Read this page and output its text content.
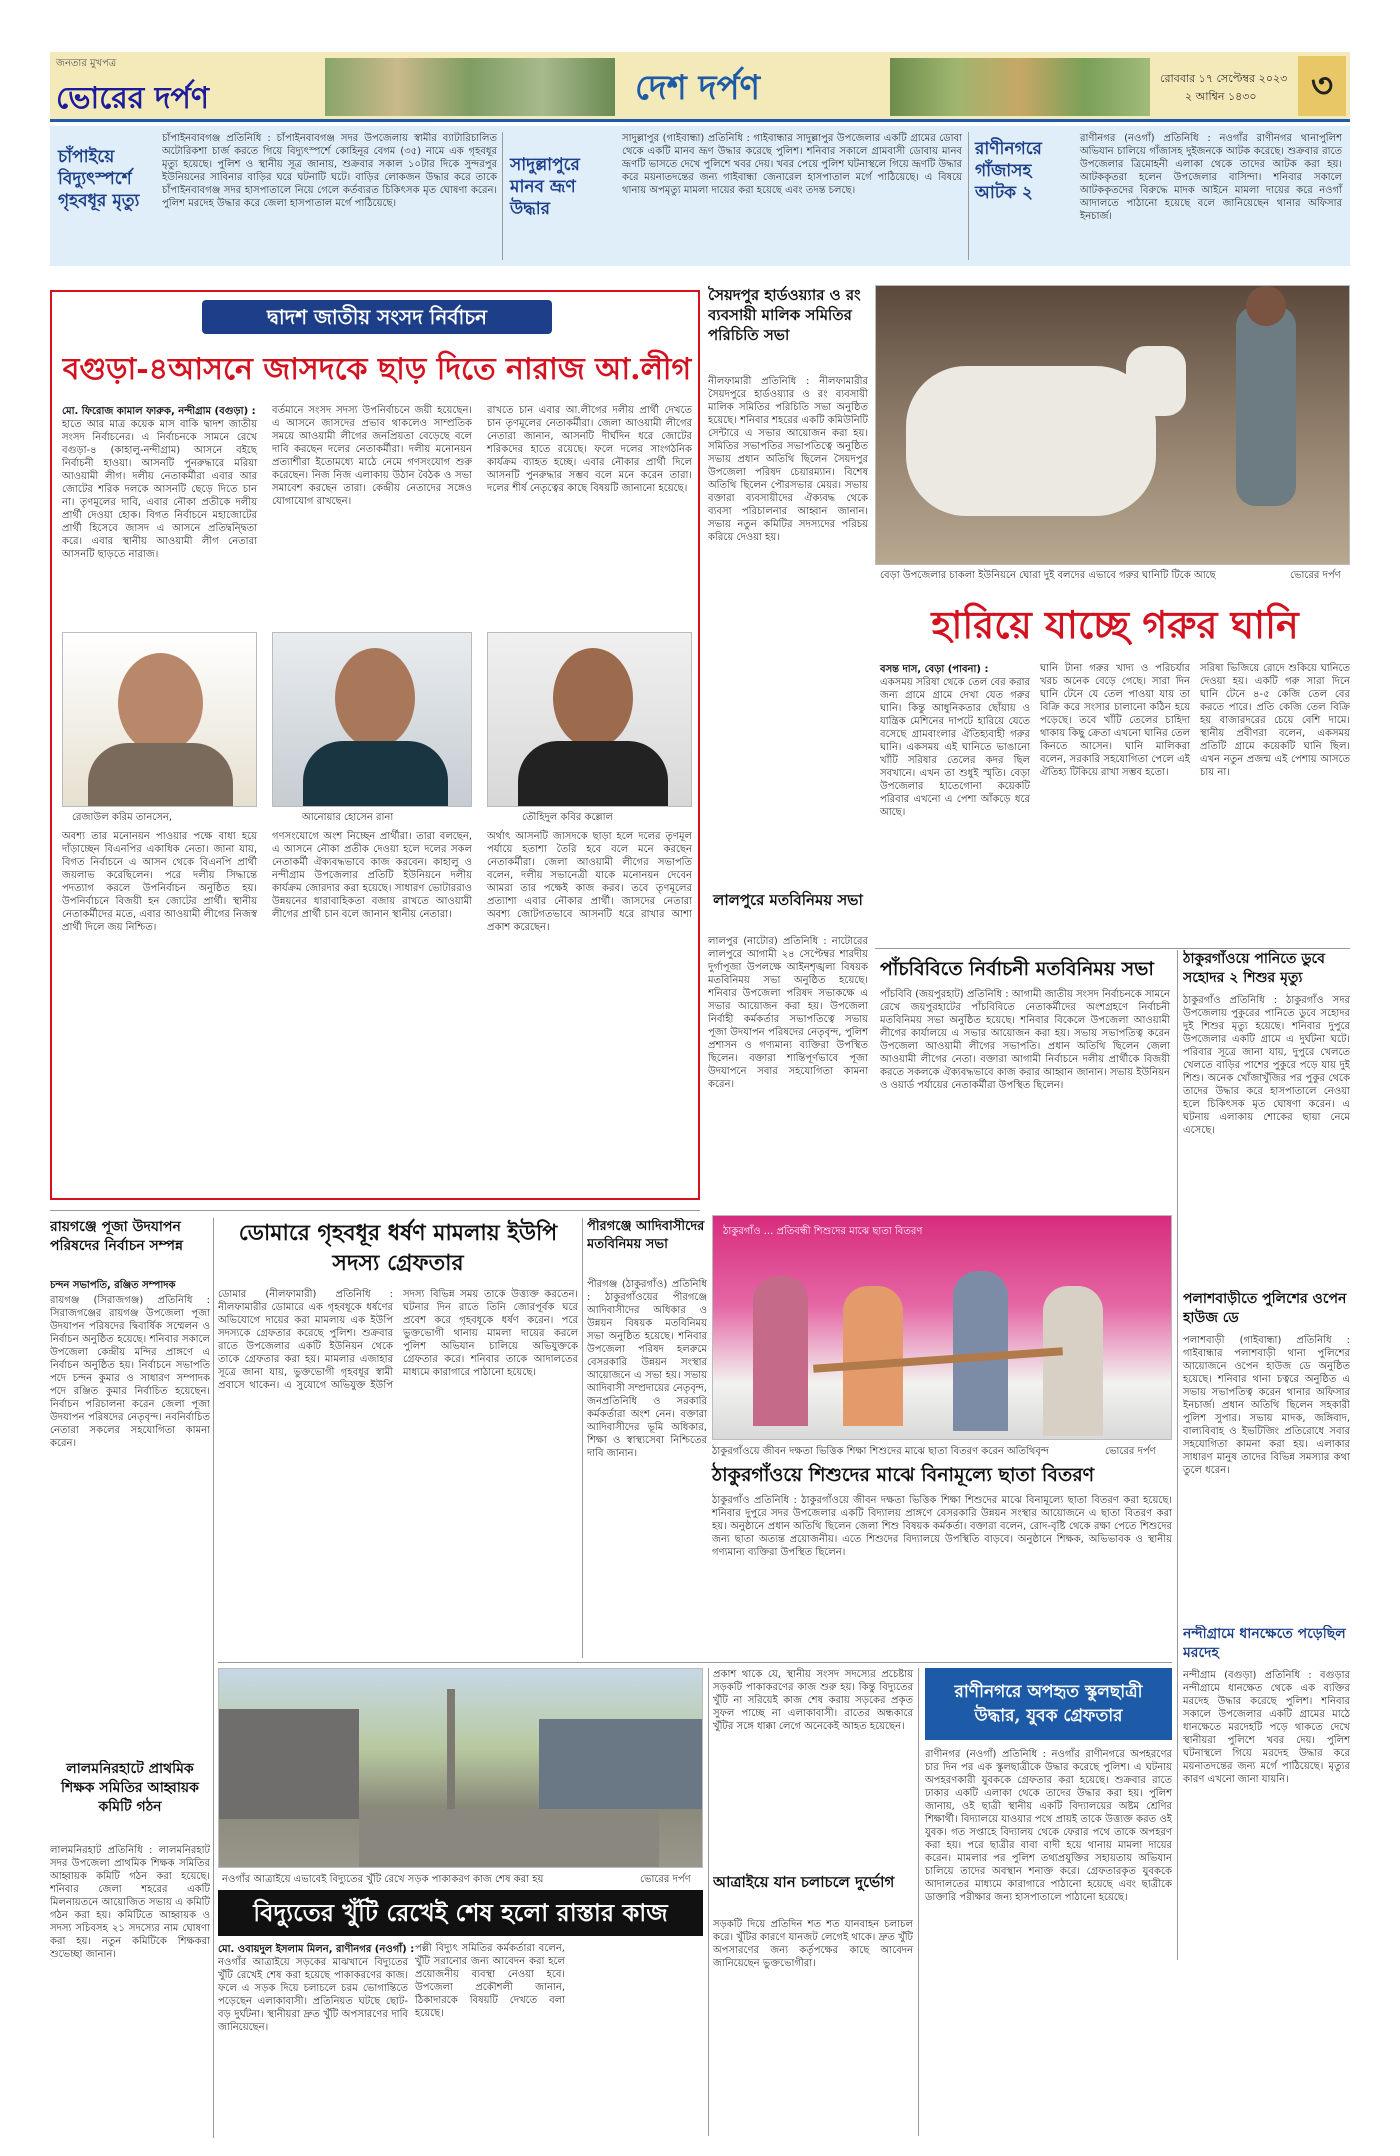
জনতার মুখপত্র
ভোরের দর্পণ	দেশ দর্পণ	রোববার ১৭ সেপ্টেম্বর ২০২৩
২ আশ্বিন ১৪৩০	৩
চাঁপাইয়ে বিদ্যুৎস্পর্শে গৃহবধূর মৃত্যু
চাঁপাইনবাবগঞ্জ প্রতিনিধি : চাঁপাইনবাবগঞ্জ সদর উপজেলায় স্বামীর ব্যাটারিচালিত অটোরিকশা চার্জ করতে গিয়ে বিদ্যুৎস্পর্শে কোহিনূর বেগম (৩৫) নামে এক গৃহবধূর মৃত্যু হয়েছে। পুলিশ ও স্থানীয় সূত্র জানায়, শুক্রবার সকাল ১০টার দিকে সুন্দরপুর ইউনিয়নের সাবিনার বাড়ির ঘরে ঘটনাটি ঘটে। বাড়ির লোকজন উদ্ধার করে তাকে চাঁপাইনবাবগঞ্জ সদর হাসপাতালে নিয়ে গেলে কর্তব্যরত চিকিৎসক মৃত ঘোষণা করেন। পুলিশ মরদেহ উদ্ধার করে জেলা হাসপাতাল মর্গে পাঠিয়েছে।
সাদুল্লাপুরে মানব ভ্রূণ উদ্ধার
সাদুল্লাপুর (গাইবান্ধা) প্রতিনিধি : গাইবান্ধার সাদুল্লাপুর উপজেলার একটি গ্রামের ডোবা থেকে একটি মানব ভ্রূণ উদ্ধার করেছে পুলিশ। শনিবার সকালে গ্রামবাসী ডোবায় মানব ভ্রূণটি ভাসতে দেখে পুলিশে খবর দেয়। খবর পেয়ে পুলিশ ঘটনাস্থলে গিয়ে ভ্রূণটি উদ্ধার করে ময়নাতদন্তের জন্য গাইবান্ধা জেনারেল হাসপাতাল মর্গে পাঠিয়েছে। এ বিষয়ে থানায় অপমৃত্যু মামলা দায়ের করা হয়েছে এবং তদন্ত চলছে।
রাণীনগরে গাঁজাসহ আটক ২
রাণীনগর (নওগাঁ) প্রতিনিধি : নওগাঁর রাণীনগর থানাপুলিশ অভিযান চালিয়ে গাঁজাসহ দুইজনকে আটক করেছে। শুক্রবার রাতে উপজেলার ত্রিমোহনী এলাকা থেকে তাদের আটক করা হয়। আটককৃতরা হলেন উপজেলার বাসিন্দা। শনিবার সকালে আটককৃতদের বিরুদ্ধে মাদক আইনে মামলা দায়ের করে নওগাঁ আদালতে পাঠানো হয়েছে বলে জানিয়েছেন থানার অফিসার ইনচার্জ।
দ্বাদশ জাতীয় সংসদ নির্বাচন
বগুড়া-৪আসনে জাসদকে ছাড় দিতে নারাজ আ.লীগ
মো. ফিরোজ কামাল ফারুক, নন্দীগ্রাম (বগুড়া) :
হাতে আর মাত্র কয়েক মাস বাকি দ্বাদশ জাতীয় সংসদ নির্বাচনের। এ নির্বাচনকে সামনে রেখে বগুড়া-৪ (কাহালু-নন্দীগ্রাম) আসনে বইছে নির্বাচনী হাওয়া। আসনটি পুনরুদ্ধারে মরিয়া আওয়ামী লীগ। দলীয় নেতাকর্মীরা এবার আর জোটের শরিক দলকে আসনটি ছেড়ে দিতে চান না। তৃণমূলের দাবি, এবার নৌকা প্রতীকে দলীয় প্রার্থী দেওয়া হোক। বিগত নির্বাচনে মহাজোটের প্রার্থী হিসেবে জাসদ এ আসনে প্রতিদ্বন্দ্বিতা করে। এবার স্থানীয় আওয়ামী লীগ নেতারা আসনটি ছাড়তে নারাজ।
বর্তমানে সংসদ সদস্য উপনির্বাচনে জয়ী হয়েছেন। এ আসনে জাসদের প্রভাব থাকলেও সাম্প্রতিক সময়ে আওয়ামী লীগের জনপ্রিয়তা বেড়েছে বলে দাবি করছেন দলের নেতাকর্মীরা। দলীয় মনোনয়ন প্রত্যাশীরা ইতোমধ্যে মাঠে নেমে গণসংযোগ শুরু করেছেন। নিজ নিজ এলাকায় উঠান বৈঠক ও সভা সমাবেশ করছেন তারা। কেন্দ্রীয় নেতাদের সঙ্গেও যোগাযোগ রাখছেন।
রাখতে চান এবার আ.লীগের দলীয় প্রার্থী দেখতে চান তৃণমূলের নেতাকর্মীরা। জেলা আওয়ামী লীগের নেতারা জানান, আসনটি দীর্ঘদিন ধরে জোটের শরিকদের হাতে রয়েছে। ফলে দলের সাংগঠনিক কার্যক্রম ব্যাহত হচ্ছে। এবার নৌকার প্রার্থী দিলে আসনটি পুনরুদ্ধার সম্ভব বলে মনে করেন তারা। দলের শীর্ষ নেতৃত্বের কাছে বিষয়টি জানানো হয়েছে।
রেজাউল করিম তানসেন,	আনোয়ার হোসেন রানা	তৌহিদুল কবির কল্লোল
অবশ্য তার মনোনয়ন পাওয়ার পক্ষে বাধা হয়ে দাঁড়াচ্ছেন বিএনপির একাধিক নেতা। জানা যায়, বিগত নির্বাচনে এ আসন থেকে বিএনপি প্রার্থী জয়লাভ করেছিলেন। পরে দলীয় সিদ্ধান্তে পদত্যাগ করলে উপনির্বাচন অনুষ্ঠিত হয়। উপনির্বাচনে বিজয়ী হন জোটের প্রার্থী। স্থানীয় নেতাকর্মীদের মতে, এবার আওয়ামী লীগের নিজস্ব প্রার্থী দিলে জয় নিশ্চিত।
গণসংযোগে অংশ নিচ্ছেন প্রার্থীরা। তারা বলছেন, এ আসনে নৌকা প্রতীক দেওয়া হলে দলের সকল নেতাকর্মী ঐক্যবদ্ধভাবে কাজ করবেন। কাহালু ও নন্দীগ্রাম উপজেলার প্রতিটি ইউনিয়নে দলীয় কার্যক্রম জোরদার করা হয়েছে। সাধারণ ভোটাররাও উন্নয়নের ধারাবাহিকতা বজায় রাখতে আওয়ামী লীগের প্রার্থী চান বলে জানান স্থানীয় নেতারা।
অর্থাৎ আসনটি জাসদকে ছাড়া হলে দলের তৃণমূল পর্যায়ে হতাশা তৈরি হবে বলে মনে করছেন নেতাকর্মীরা। জেলা আওয়ামী লীগের সভাপতি বলেন, দলীয় সভানেত্রী যাকে মনোনয়ন দেবেন আমরা তার পক্ষেই কাজ করব। তবে তৃণমূলের প্রত্যাশা এবার নৌকার প্রার্থী। জাসদের নেতারা অবশ্য জোটগতভাবে আসনটি ধরে রাখার আশা প্রকাশ করেছেন।
সৈয়দপুর হার্ডওয়্যার ও রং ব্যবসায়ী মালিক সমিতির পরিচিতি সভা
নীলফামারী প্রতিনিধি : নীলফামারীর সৈয়দপুরে হার্ডওয়্যার ও রং ব্যবসায়ী মালিক সমিতির পরিচিতি সভা অনুষ্ঠিত হয়েছে। শনিবার শহরের একটি কমিউনিটি সেন্টারে এ সভার আয়োজন করা হয়। সমিতির সভাপতির সভাপতিত্বে অনুষ্ঠিত সভায় প্রধান অতিথি ছিলেন সৈয়দপুর উপজেলা পরিষদ চেয়ারম্যান। বিশেষ অতিথি ছিলেন পৌরসভার মেয়র। সভায় বক্তারা ব্যবসায়ীদের ঐক্যবদ্ধ থেকে ব্যবসা পরিচালনার আহ্বান জানান। সভায় নতুন কমিটির সদস্যদের পরিচয় করিয়ে দেওয়া হয়।
বেড়া উপজেলার চাকলা ইউনিয়নে ঘোরা দুই বলদের এভাবে গরুর ঘানিটি টিকে আছে	ভোরের দর্পণ
হারিয়ে যাচ্ছে গরুর ঘানি
বসন্ত দাস, বেড়া (পাবনা) :
একসময় সরিষা থেকে তেল বের করার জন্য গ্রামে গ্রামে দেখা যেত গরুর ঘানি। কিন্তু আধুনিকতার ছোঁয়ায় ও যান্ত্রিক মেশিনের দাপটে হারিয়ে যেতে বসেছে গ্রামবাংলার ঐতিহ্যবাহী গরুর ঘানি। একসময় এই ঘানিতে ভাঙানো খাঁটি সরিষার তেলের কদর ছিল সবখানে। এখন তা শুধুই স্মৃতি। বেড়া উপজেলার হাতেগোনা কয়েকটি পরিবার এখনো এ পেশা আঁকড়ে ধরে আছে।
ঘানি টানা গরুর খাদ্য ও পরিচর্যার খরচ অনেক বেড়ে গেছে। সারা দিন ঘানি টেনে যে তেল পাওয়া যায় তা বিক্রি করে সংসার চালানো কঠিন হয়ে পড়েছে। তবে খাঁটি তেলের চাহিদা থাকায় কিছু ক্রেতা এখনো ঘানির তেল কিনতে আসেন। ঘানি মালিকরা বলেন, সরকারি সহযোগিতা পেলে এই ঐতিহ্য টিকিয়ে রাখা সম্ভব হতো।
সরিষা ভিজিয়ে রোদে শুকিয়ে ঘানিতে দেওয়া হয়। একটি গরু সারা দিনে ঘানি টেনে ৪-৫ কেজি তেল বের করতে পারে। প্রতি কেজি তেল বিক্রি হয় বাজারদরের চেয়ে বেশি দামে। স্থানীয় প্রবীণরা বলেন, একসময় প্রতিটি গ্রামে কয়েকটি ঘানি ছিল। এখন নতুন প্রজন্ম এই পেশায় আসতে চায় না।
লালপুরে মতবিনিময় সভা
লালপুর (নাটোর) প্রতিনিধি : নাটোরের লালপুরে আগামী ২৪ সেপ্টেম্বর শারদীয় দুর্গাপূজা উপলক্ষে আইনশৃঙ্খলা বিষয়ক মতবিনিময় সভা অনুষ্ঠিত হয়েছে। শনিবার উপজেলা পরিষদ সভাকক্ষে এ সভার আয়োজন করা হয়। উপজেলা নির্বাহী কর্মকর্তার সভাপতিত্বে সভায় পূজা উদযাপন পরিষদের নেতৃবৃন্দ, পুলিশ প্রশাসন ও গণ্যমান্য ব্যক্তিরা উপস্থিত ছিলেন। বক্তারা শান্তিপূর্ণভাবে পূজা উদযাপনে সবার সহযোগিতা কামনা করেন।
পাঁচবিবিতে নির্বাচনী মতবিনিময় সভা
পাঁচবিবি (জয়পুরহাট) প্রতিনিধি : আগামী জাতীয় সংসদ নির্বাচনকে সামনে রেখে জয়পুরহাটের পাঁচবিবিতে নেতাকর্মীদের অংশগ্রহণে নির্বাচনী মতবিনিময় সভা অনুষ্ঠিত হয়েছে। শনিবার বিকেলে উপজেলা আওয়ামী লীগের কার্যালয়ে এ সভার আয়োজন করা হয়। সভায় সভাপতিত্ব করেন উপজেলা আওয়ামী লীগের সভাপতি। প্রধান অতিথি ছিলেন জেলা আওয়ামী লীগের নেতা। বক্তারা আগামী নির্বাচনে দলীয় প্রার্থীকে বিজয়ী করতে সকলকে ঐক্যবদ্ধভাবে কাজ করার আহ্বান জানান। সভায় ইউনিয়ন ও ওয়ার্ড পর্যায়ের নেতাকর্মীরা উপস্থিত ছিলেন।
ঠাকুরগাঁওয়ে পানিতে ডুবে সহোদর ২ শিশুর মৃত্যু
ঠাকুরগাঁও প্রতিনিধি : ঠাকুরগাঁও সদর উপজেলায় পুকুরের পানিতে ডুবে সহোদর দুই শিশুর মৃত্যু হয়েছে। শনিবার দুপুরে উপজেলার একটি গ্রামে এ দুর্ঘটনা ঘটে। পরিবার সূত্রে জানা যায়, দুপুরে খেলতে খেলতে বাড়ির পাশের পুকুরে পড়ে যায় দুই শিশু। অনেক খোঁজাখুঁজির পর পুকুর থেকে তাদের উদ্ধার করে হাসপাতালে নেওয়া হলে চিকিৎসক মৃত ঘোষণা করেন। এ ঘটনায় এলাকায় শোকের ছায়া নেমে এসেছে।
পলাশবাড়ীতে পুলিশের ওপেন হাউজ ডে
পলাশবাড়ী (গাইবান্ধা) প্রতিনিধি : গাইবান্ধার পলাশবাড়ী থানা পুলিশের আয়োজনে ওপেন হাউজ ডে অনুষ্ঠিত হয়েছে। শনিবার থানা চত্বরে অনুষ্ঠিত এ সভায় সভাপতিত্ব করেন থানার অফিসার ইনচার্জ। প্রধান অতিথি ছিলেন সহকারী পুলিশ সুপার। সভায় মাদক, জঙ্গিবাদ, বাল্যবিবাহ ও ইভটিজিং প্রতিরোধে সবার সহযোগিতা কামনা করা হয়। এলাকার সাধারণ মানুষ তাদের বিভিন্ন সমস্যার কথা তুলে ধরেন।
নন্দীগ্রামে ধানক্ষেতে পড়েছিল মরদেহ
নন্দীগ্রাম (বগুড়া) প্রতিনিধি : বগুড়ার নন্দীগ্রামে ধানক্ষেত থেকে এক ব্যক্তির মরদেহ উদ্ধার করেছে পুলিশ। শনিবার সকালে উপজেলার একটি গ্রামের মাঠে ধানক্ষেতে মরদেহটি পড়ে থাকতে দেখে স্থানীয়রা পুলিশে খবর দেয়। পুলিশ ঘটনাস্থলে গিয়ে মরদেহ উদ্ধার করে ময়নাতদন্তের জন্য মর্গে পাঠিয়েছে। মৃত্যুর কারণ এখনো জানা যায়নি।
রায়গঞ্জে পূজা উদযাপন পরিষদের নির্বাচন সম্পন্ন
চন্দন সভাপতি, রঞ্জিত সম্পাদক
রায়গঞ্জ (সিরাজগঞ্জ) প্রতিনিধি : সিরাজগঞ্জের রায়গঞ্জ উপজেলা পূজা উদযাপন পরিষদের দ্বিবার্ষিক সম্মেলন ও নির্বাচন অনুষ্ঠিত হয়েছে। শনিবার সকালে উপজেলা কেন্দ্রীয় মন্দির প্রাঙ্গণে এ নির্বাচন অনুষ্ঠিত হয়। নির্বাচনে সভাপতি পদে চন্দন কুমার ও সাধারণ সম্পাদক পদে রঞ্জিত কুমার নির্বাচিত হয়েছেন। নির্বাচন পরিচালনা করেন জেলা পূজা উদযাপন পরিষদের নেতৃবৃন্দ। নবনির্বাচিত নেতারা সকলের সহযোগিতা কামনা করেন।
লালমনিরহাটে প্রাথমিক শিক্ষক সমিতির আহ্বায়ক কমিটি গঠন
লালমনিরহাট প্রতিনিধি : লালমনিরহাট সদর উপজেলা প্রাথমিক শিক্ষক সমিতির আহ্বায়ক কমিটি গঠন করা হয়েছে। শনিবার জেলা শহরের একটি মিলনায়তনে আয়োজিত সভায় এ কমিটি গঠন করা হয়। কমিটিতে আহ্বায়ক ও সদস্য সচিবসহ ২১ সদস্যের নাম ঘোষণা করা হয়। নতুন কমিটিকে শিক্ষকরা শুভেচ্ছা জানান।
ডোমারে গৃহবধূর ধর্ষণ মামলায় ইউপি সদস্য গ্রেফতার
ডোমার (নীলফামারী) প্রতিনিধি : নীলফামারীর ডোমারে এক গৃহবধূকে ধর্ষণের অভিযোগে দায়ের করা মামলায় এক ইউপি সদস্যকে গ্রেফতার করেছে পুলিশ। শুক্রবার রাতে উপজেলার একটি ইউনিয়ন থেকে তাকে গ্রেফতার করা হয়। মামলার এজাহার সূত্রে জানা যায়, ভুক্তভোগী গৃহবধূর স্বামী প্রবাসে থাকেন। এ সুযোগে অভিযুক্ত ইউপি সদস্য বিভিন্ন সময় তাকে উত্ত্যক্ত করতেন। ঘটনার দিন রাতে তিনি জোরপূর্বক ঘরে প্রবেশ করে গৃহবধূকে ধর্ষণ করেন। পরে ভুক্তভোগী থানায় মামলা দায়ের করলে পুলিশ অভিযান চালিয়ে অভিযুক্তকে গ্রেফতার করে। শনিবার তাকে আদালতের মাধ্যমে কারাগারে পাঠানো হয়েছে।
পীরগঞ্জে আদিবাসীদের মতবিনিময় সভা
পীরগঞ্জ (ঠাকুরগাঁও) প্রতিনিধি : ঠাকুরগাঁওয়ের পীরগঞ্জে আদিবাসীদের অধিকার ও উন্নয়ন বিষয়ক মতবিনিময় সভা অনুষ্ঠিত হয়েছে। শনিবার উপজেলা পরিষদ হলরুমে বেসরকারি উন্নয়ন সংস্থার আয়োজনে এ সভা হয়। সভায় আদিবাসী সম্প্রদায়ের নেতৃবৃন্দ, জনপ্রতিনিধি ও সরকারি কর্মকর্তারা অংশ নেন। বক্তারা আদিবাসীদের ভূমি অধিকার, শিক্ষা ও স্বাস্থ্যসেবা নিশ্চিতের দাবি জানান।
ঠাকুরগাঁও ... প্রতিবন্ধী শিশুদের মাঝে ছাতা বিতরণ
ঠাকুরগাঁওয়ে জীবন দক্ষতা ভিত্তিক শিক্ষা শিশুদের মাঝে ছাতা বিতরণ করেন অতিথিবৃন্দ	ভোরের দর্পণ
ঠাকুরগাঁওয়ে শিশুদের মাঝে বিনামূল্যে ছাতা বিতরণ
ঠাকুরগাঁও প্রতিনিধি : ঠাকুরগাঁওয়ে জীবন দক্ষতা ভিত্তিক শিক্ষা শিশুদের মাঝে বিনামূল্যে ছাতা বিতরণ করা হয়েছে। শনিবার দুপুরে সদর উপজেলার একটি বিদ্যালয় প্রাঙ্গণে বেসরকারি উন্নয়ন সংস্থার আয়োজনে এ ছাতা বিতরণ করা হয়। অনুষ্ঠানে প্রধান অতিথি ছিলেন জেলা শিশু বিষয়ক কর্মকর্তা। বক্তারা বলেন, রোদ-বৃষ্টি থেকে রক্ষা পেতে শিশুদের জন্য ছাতা অত্যন্ত প্রয়োজনীয়। এতে শিশুদের বিদ্যালয়ে উপস্থিতি বাড়বে। অনুষ্ঠানে শিক্ষক, অভিভাবক ও স্থানীয় গণ্যমান্য ব্যক্তিরা উপস্থিত ছিলেন।
নওগাঁর আত্রাইয়ে এভাবেই বিদ্যুতের খুঁটি রেখে সড়ক পাকাকরণ কাজ শেষ করা হয়	ভোরের দর্পণ
বিদ্যুতের খুঁটি রেখেই শেষ হলো রাস্তার কাজ
মো. ওবায়দুল ইসলাম মিলন, রাণীনগর (নওগাঁ) :
নওগাঁর আত্রাইয়ে সড়কের মাঝখানে বিদ্যুতের খুঁটি রেখেই শেষ করা হয়েছে পাকাকরণের কাজ। ফলে এ সড়ক দিয়ে চলাচলে চরম ভোগান্তিতে পড়েছেন এলাকাবাসী। প্রতিনিয়ত ঘটছে ছোট-বড় দুর্ঘটনা। স্থানীয়রা দ্রুত খুঁটি অপসারণের দাবি জানিয়েছেন।
পল্লী বিদ্যুৎ সমিতির কর্মকর্তারা বলেন, খুঁটি সরানোর জন্য আবেদন করা হলে প্রয়োজনীয় ব্যবস্থা নেওয়া হবে। উপজেলা প্রকৌশলী জানান, ঠিকাদারকে বিষয়টি দেখতে বলা হয়েছে।
প্রকাশ থাকে যে, স্থানীয় সংসদ সদস্যের প্রচেষ্টায় সড়কটি পাকাকরণের কাজ শুরু হয়। কিন্তু বিদ্যুতের খুঁটি না সরিয়েই কাজ শেষ করায় সড়কের প্রকৃত সুফল পাচ্ছে না এলাকাবাসী। রাতের অন্ধকারে খুঁটির সঙ্গে ধাক্কা লেগে অনেকেই আহত হয়েছেন।
আত্রাইয়ে যান চলাচলে দুর্ভোগ
সড়কটি দিয়ে প্রতিদিন শত শত যানবাহন চলাচল করে। খুঁটির কারণে যানজট লেগেই থাকে। দ্রুত খুঁটি অপসারণের জন্য কর্তৃপক্ষের কাছে আবেদন জানিয়েছেন ভুক্তভোগীরা।
রাণীনগরে অপহৃত স্কুলছাত্রী উদ্ধার, যুবক গ্রেফতার
রাণীনগর (নওগাঁ) প্রতিনিধি : নওগাঁর রাণীনগরে অপহরণের চার দিন পর এক স্কুলছাত্রীকে উদ্ধার করেছে পুলিশ। এ ঘটনায় অপহরণকারী যুবককে গ্রেফতার করা হয়েছে। শুক্রবার রাতে ঢাকার একটি এলাকা থেকে তাদের উদ্ধার করা হয়। পুলিশ জানায়, ওই ছাত্রী স্থানীয় একটি বিদ্যালয়ের অষ্টম শ্রেণির শিক্ষার্থী। বিদ্যালয়ে যাওয়ার পথে প্রায়ই তাকে উত্ত্যক্ত করত ওই যুবক। গত সপ্তাহে বিদ্যালয় থেকে ফেরার পথে তাকে অপহরণ করা হয়। পরে ছাত্রীর বাবা বাদী হয়ে থানায় মামলা দায়ের করেন। মামলার পর পুলিশ তথ্যপ্রযুক্তির সহায়তায় অভিযান চালিয়ে তাদের অবস্থান শনাক্ত করে। গ্রেফতারকৃত যুবককে আদালতের মাধ্যমে কারাগারে পাঠানো হয়েছে এবং ছাত্রীকে ডাক্তারি পরীক্ষার জন্য হাসপাতালে পাঠানো হয়েছে।
